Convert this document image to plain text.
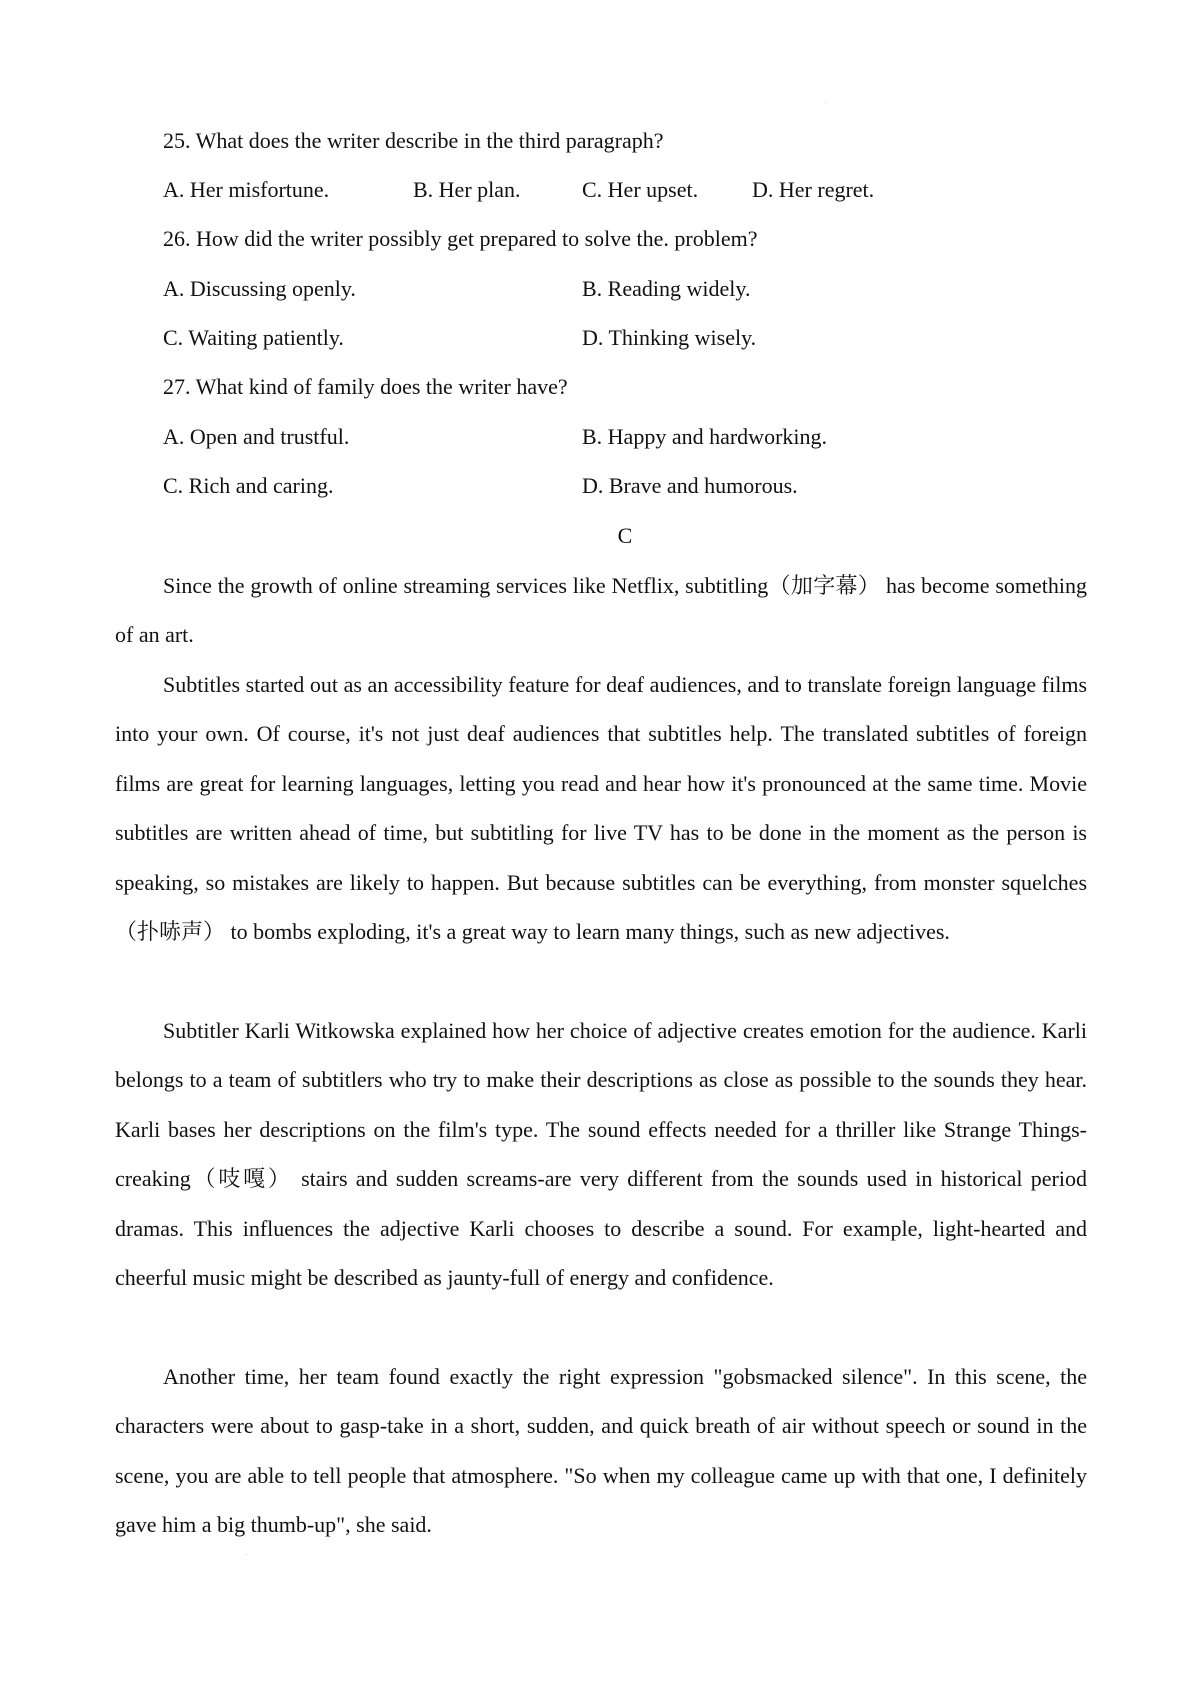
25. What does the writer describe in the third paragraph?
A. Her misfortune.	B. Her plan.	C. Her upset. D. Her regret.
26. How did the writer possibly get prepared to solve the. problem?
A. Discussing openly.	B. Reading widely.
C. Waiting patiently.	D. Thinking wisely.
27. What kind of family does the writer have?
A. Open and trustful.	B. Happy and hardworking.
C. Rich and caring.	D. Brave and humorous.
C
Since the growth of online streaming services like Netflix, subtitling（加字幕） has become something of an art.
Subtitles started out as an accessibility feature for deaf audiences, and to translate foreign language films into your own. Of course, it's not just deaf audiences that subtitles help. The translated subtitles of foreign films are great for learning languages, letting you read and hear how it's pronounced at the same time. Movie subtitles are written ahead of time, but subtitling for live TV has to be done in the moment as the person is speaking, so mistakes are likely to happen. But because subtitles can be everything, from monster squelches（扑哧声） to bombs exploding, it's a great way to learn many things, such as new adjectives.
Subtitler Karli Witkowska explained how her choice of adjective creates emotion for the audience. Karli belongs to a team of subtitlers who try to make their descriptions as close as possible to the sounds they hear. Karli bases her descriptions on the film's type. The sound effects needed for a thriller like Strange Things-creaking（吱嘎） stairs and sudden screams-are very different from the sounds used in historical period dramas. This influences the adjective Karli chooses to describe a sound. For example, light-hearted and cheerful music might be described as jaunty-full of energy and confidence.
Another time, her team found exactly the right expression "gobsmacked silence". In this scene, the characters were about to gasp-take in a short, sudden, and quick breath of air without speech or sound in the scene, you are able to tell people that atmosphere. "So when my colleague came up with that one, I definitely gave him a big thumb-up", she said.
